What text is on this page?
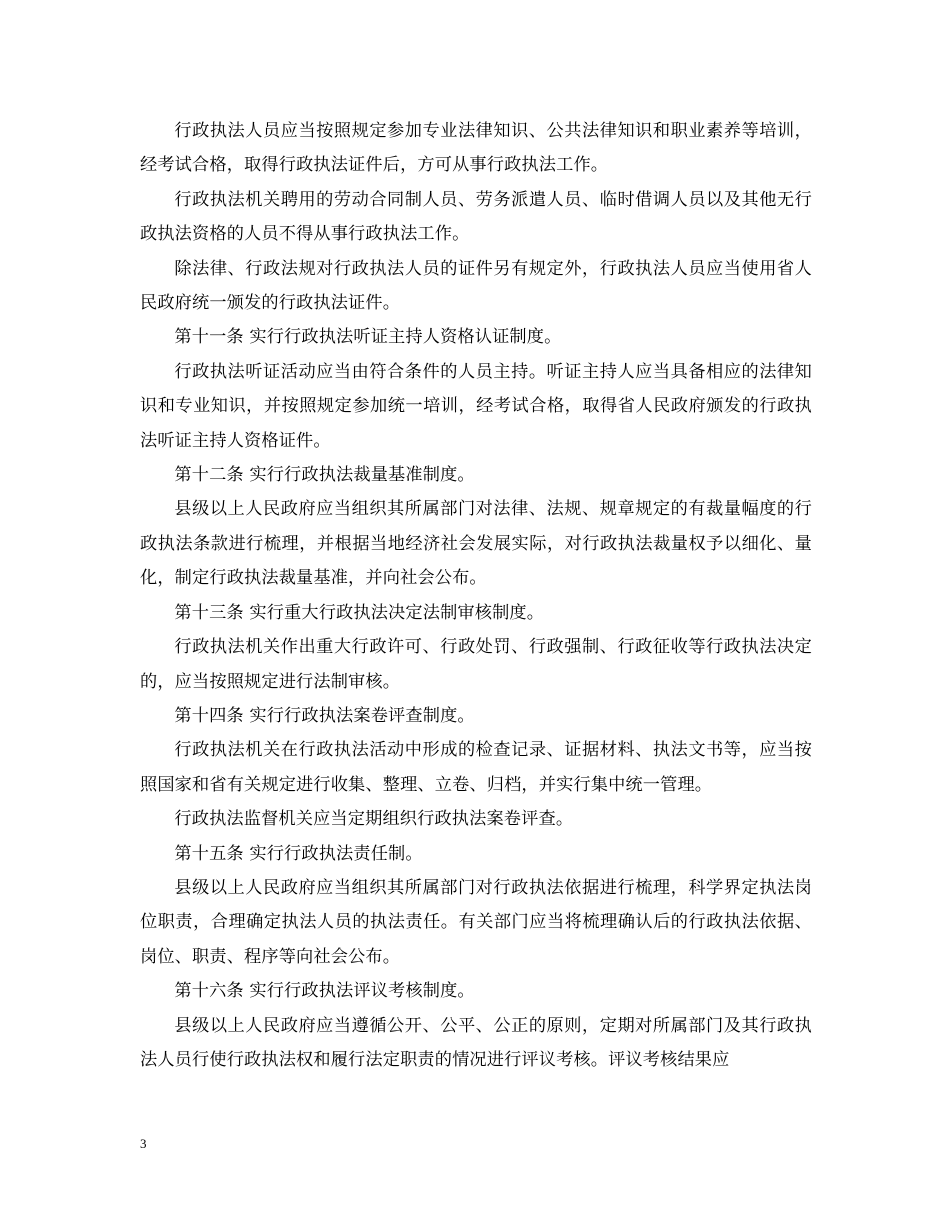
行政执法人员应当按照规定参加专业法律知识、公共法律知识和职业素养等培训，经考试合格，取得行政执法证件后，方可从事行政执法工作。

行政执法机关聘用的劳动合同制人员、劳务派遣人员、临时借调人员以及其他无行政执法资格的人员不得从事行政执法工作。

除法律、行政法规对行政执法人员的证件另有规定外，行政执法人员应当使用省人民政府统一颁发的行政执法证件。

第十一条 实行行政执法听证主持人资格认证制度。

行政执法听证活动应当由符合条件的人员主持。听证主持人应当具备相应的法律知识和专业知识，并按照规定参加统一培训，经考试合格，取得省人民政府颁发的行政执法听证主持人资格证件。

第十二条 实行行政执法裁量基准制度。

县级以上人民政府应当组织其所属部门对法律、法规、规章规定的有裁量幅度的行政执法条款进行梳理，并根据当地经济社会发展实际，对行政执法裁量权予以细化、量化，制定行政执法裁量基准，并向社会公布。

第十三条 实行重大行政执法决定法制审核制度。

行政执法机关作出重大行政许可、行政处罚、行政强制、行政征收等行政执法决定的，应当按照规定进行法制审核。

第十四条 实行行政执法案卷评查制度。

行政执法机关在行政执法活动中形成的检查记录、证据材料、执法文书等，应当按照国家和省有关规定进行收集、整理、立卷、归档，并实行集中统一管理。

行政执法监督机关应当定期组织行政执法案卷评查。

第十五条 实行行政执法责任制。

县级以上人民政府应当组织其所属部门对行政执法依据进行梳理，科学界定执法岗位职责，合理确定执法人员的执法责任。有关部门应当将梳理确认后的行政执法依据、岗位、职责、程序等向社会公布。

第十六条 实行行政执法评议考核制度。

县级以上人民政府应当遵循公开、公平、公正的原则，定期对所属部门及其行政执法人员行使行政执法权和履行法定职责的情况进行评议考核。评议考核结果应

3
